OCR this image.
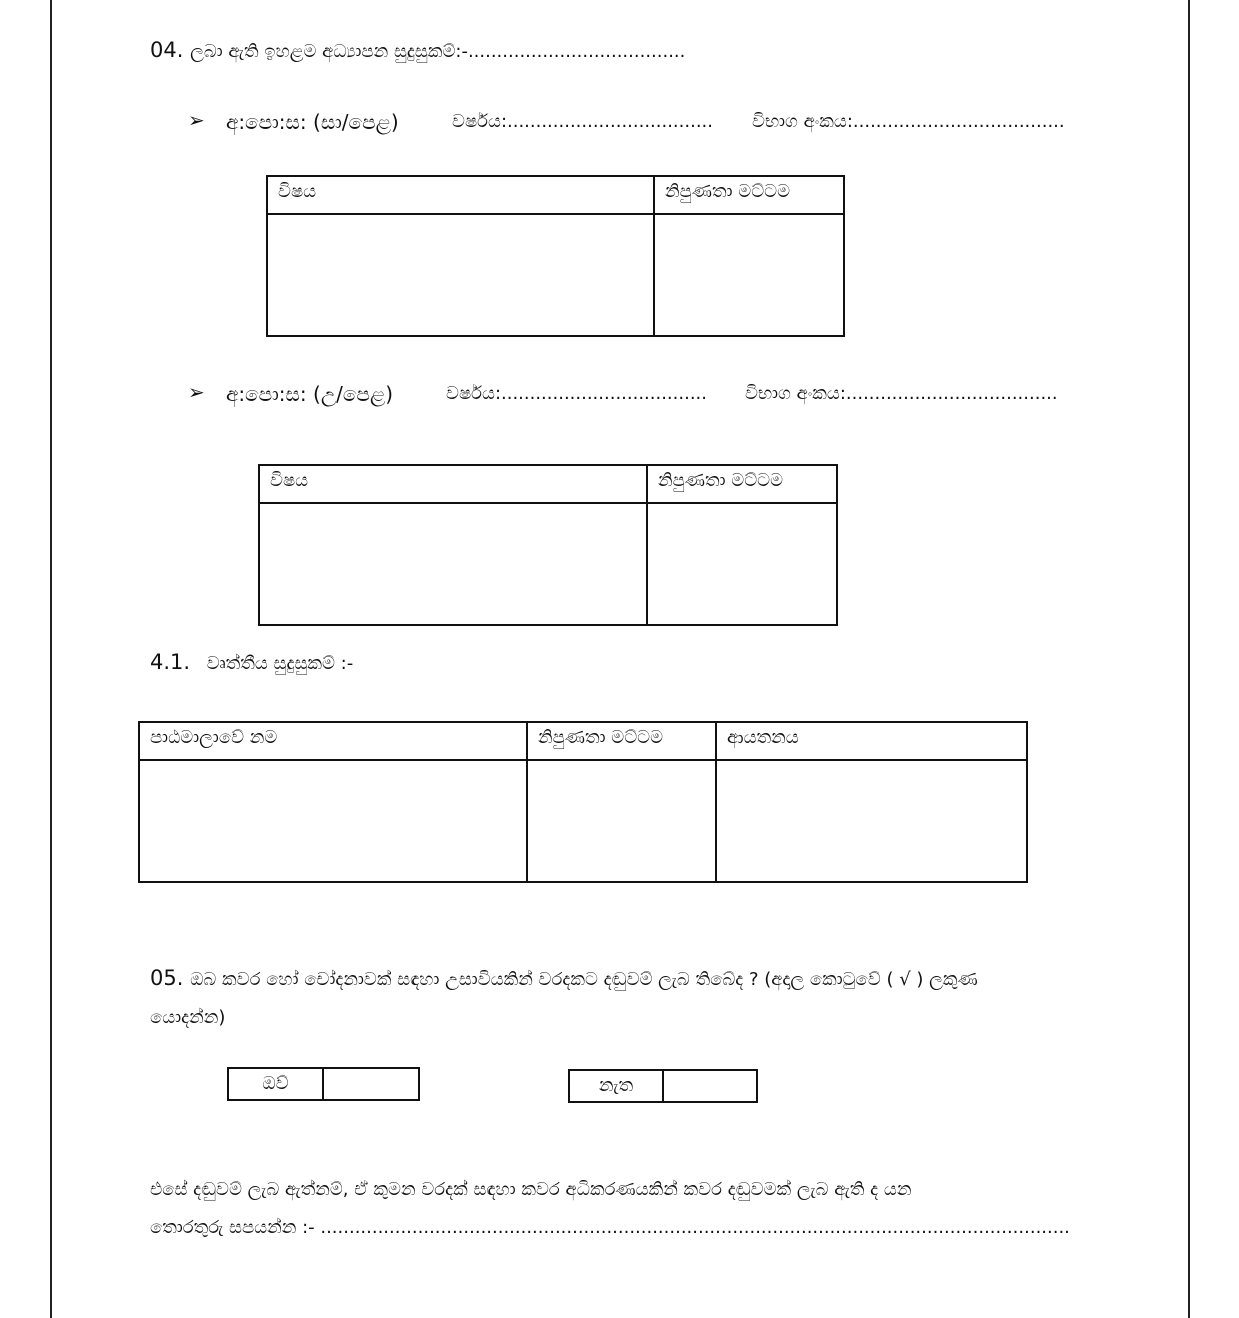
04. ලබා ඇති ඉහළම අධ්‍යාපන සුදුසුකම්:-......................................
➢ අ:පො:ස: (සා/පෙළ)	වර්ෂය:.................................... විභාග අංකය:.....................................
විෂය	නිපුණතා මට්ටම

➢ අ:පො:ස: (උ/පෙළ)	වර්ෂය:.................................... විභාග අංකය:.....................................
විෂය	නිපුණතා මට්ටම

4.1. වෘත්තීය සුදුසුකම් :-
පාඨමාලාවේ නම	නිපුණතා මට්ටම	ආයතනය

05. ඔබ කවර හෝ චෝදනාවක් සඳහා උසාවියකින් වරදකට දඬුවම් ලැබ තිබේද ? (අදාල කොටුවේ ( √ ) ලකුණ
යොදන්න)
ඔව්		නැත	
එසේ දඬුවම් ලැබ ඇත්නම්, ඒ කුමන වරදක් සඳහා කවර අධිකරණයකින් කවර දඬුවමක් ලැබ ඇති ද යන
තොරතුරු සපයන්න :- ...................................................................................................................................
